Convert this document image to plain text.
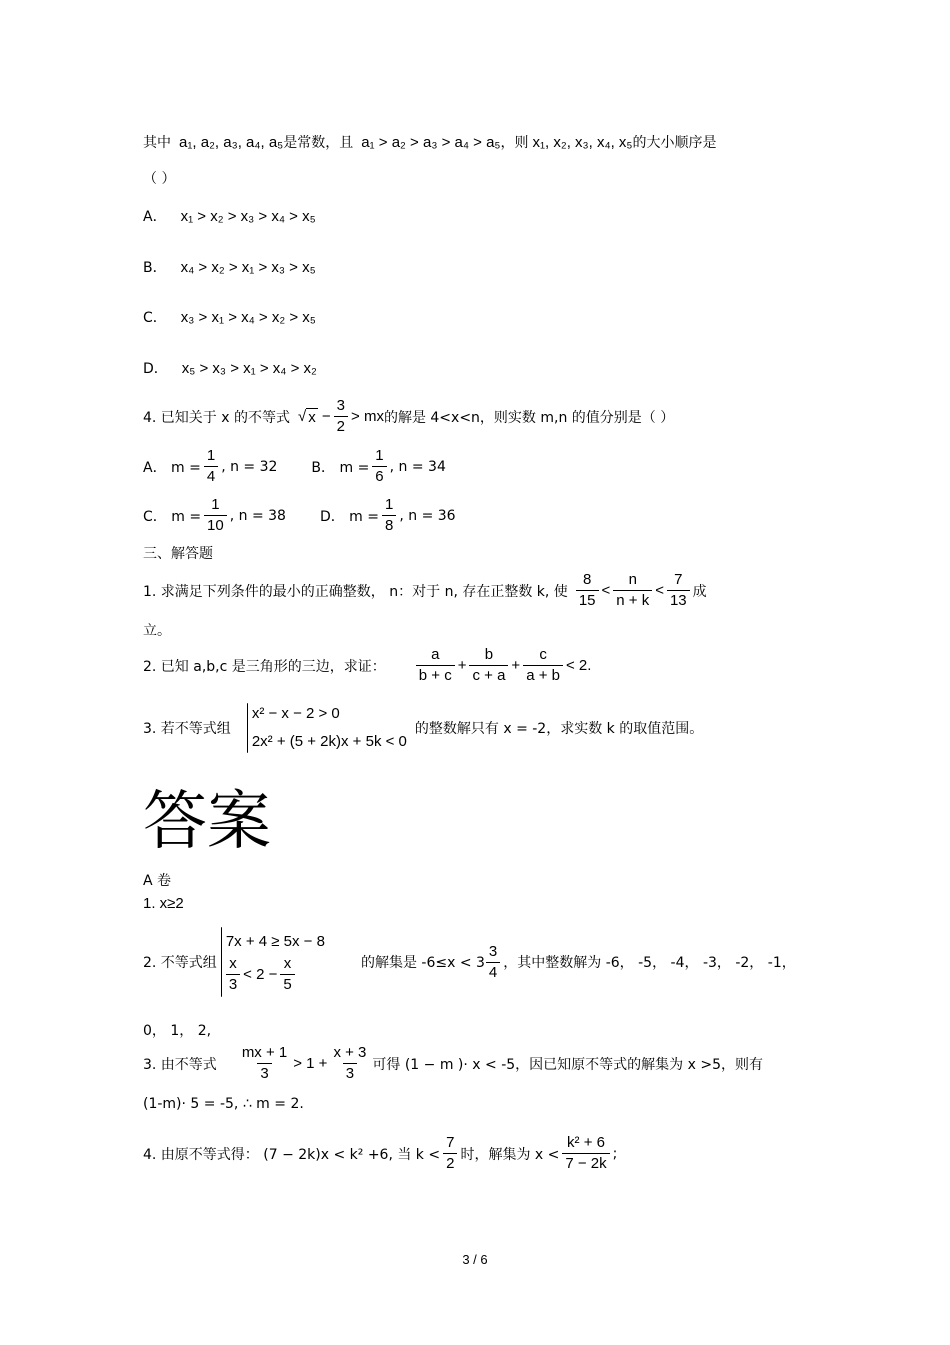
其中 a₁, a₂, a₃, a₄, a₅ 是常数，且 a₁ > a₂ > a₃ > a₄ > a₅ ，则 x₁, x₂, x₃, x₄, x₅ 的大小顺序是
（ ）
A． x₁ > x₂ > x₃ > x₄ > x₅
B． x₄ > x₂ > x₁ > x₃ > x₅
C． x₃ > x₁ > x₄ > x₂ > x₅
D． x₅ > x₃ > x₁ > x₄ > x₂
4. 已知关于 x 的不等式 √ $x - \frac{3}{2}$ > mx 的解是 4<x<n，则实数 m,n 的值分别是（ ）
A． $m = \frac{1}{4}$ , n = 32 B． $m = \frac{1}{6}$ , n = 34
C． $m = \frac{1}{10}$ , n = 38 D． $m = \frac{1}{8}$ , n = 36
三、解答题
1. 求满足下列条件的最小的正确整数， n：对于 n, 存在正整数 k, 使 $\frac{8}{15} < \frac{n}{n + k} < \frac{7}{13}$ 成
立。
2. 已知 a,b,c 是三角形的三边，求证： $\frac{a}{b + c} + \frac{b}{c + a} + \frac{c}{a + b} < 2$.
3. 若不等式组
x² − x − 2 > 0
2x² + (5 + 2k)x + 5k < 0
的整数解只有 x = -2，求实数 k 的取值范围。
答案
A 卷
1. x≥2
2. 不等式组
7x + 4 ≥ 5x − 8
$\frac{x}{3} < 2 - \frac{x}{5}$	的解集是 $-6\le x < 3 \frac{3}{4}$ ，其中整数解为 -6， -5， -4， -3， -2， -1，
0， 1， 2,
3. 由不等式 $\frac{mx + 1}{3} > 1 + \frac{x + 3}{3}$ 可得 (1 − m )· x < -5，因已知原不等式的解集为 x >5，则有
(1-m)· 5 = -5, ∴ m = 2.
4. 由原不等式得： (7 − 2k)x < k² +6, 当 $k < \frac{7}{2}$ 时，解集为 $x < \frac{\text{k² + 6}}{7 - 2k}$ ;
3 / 6
